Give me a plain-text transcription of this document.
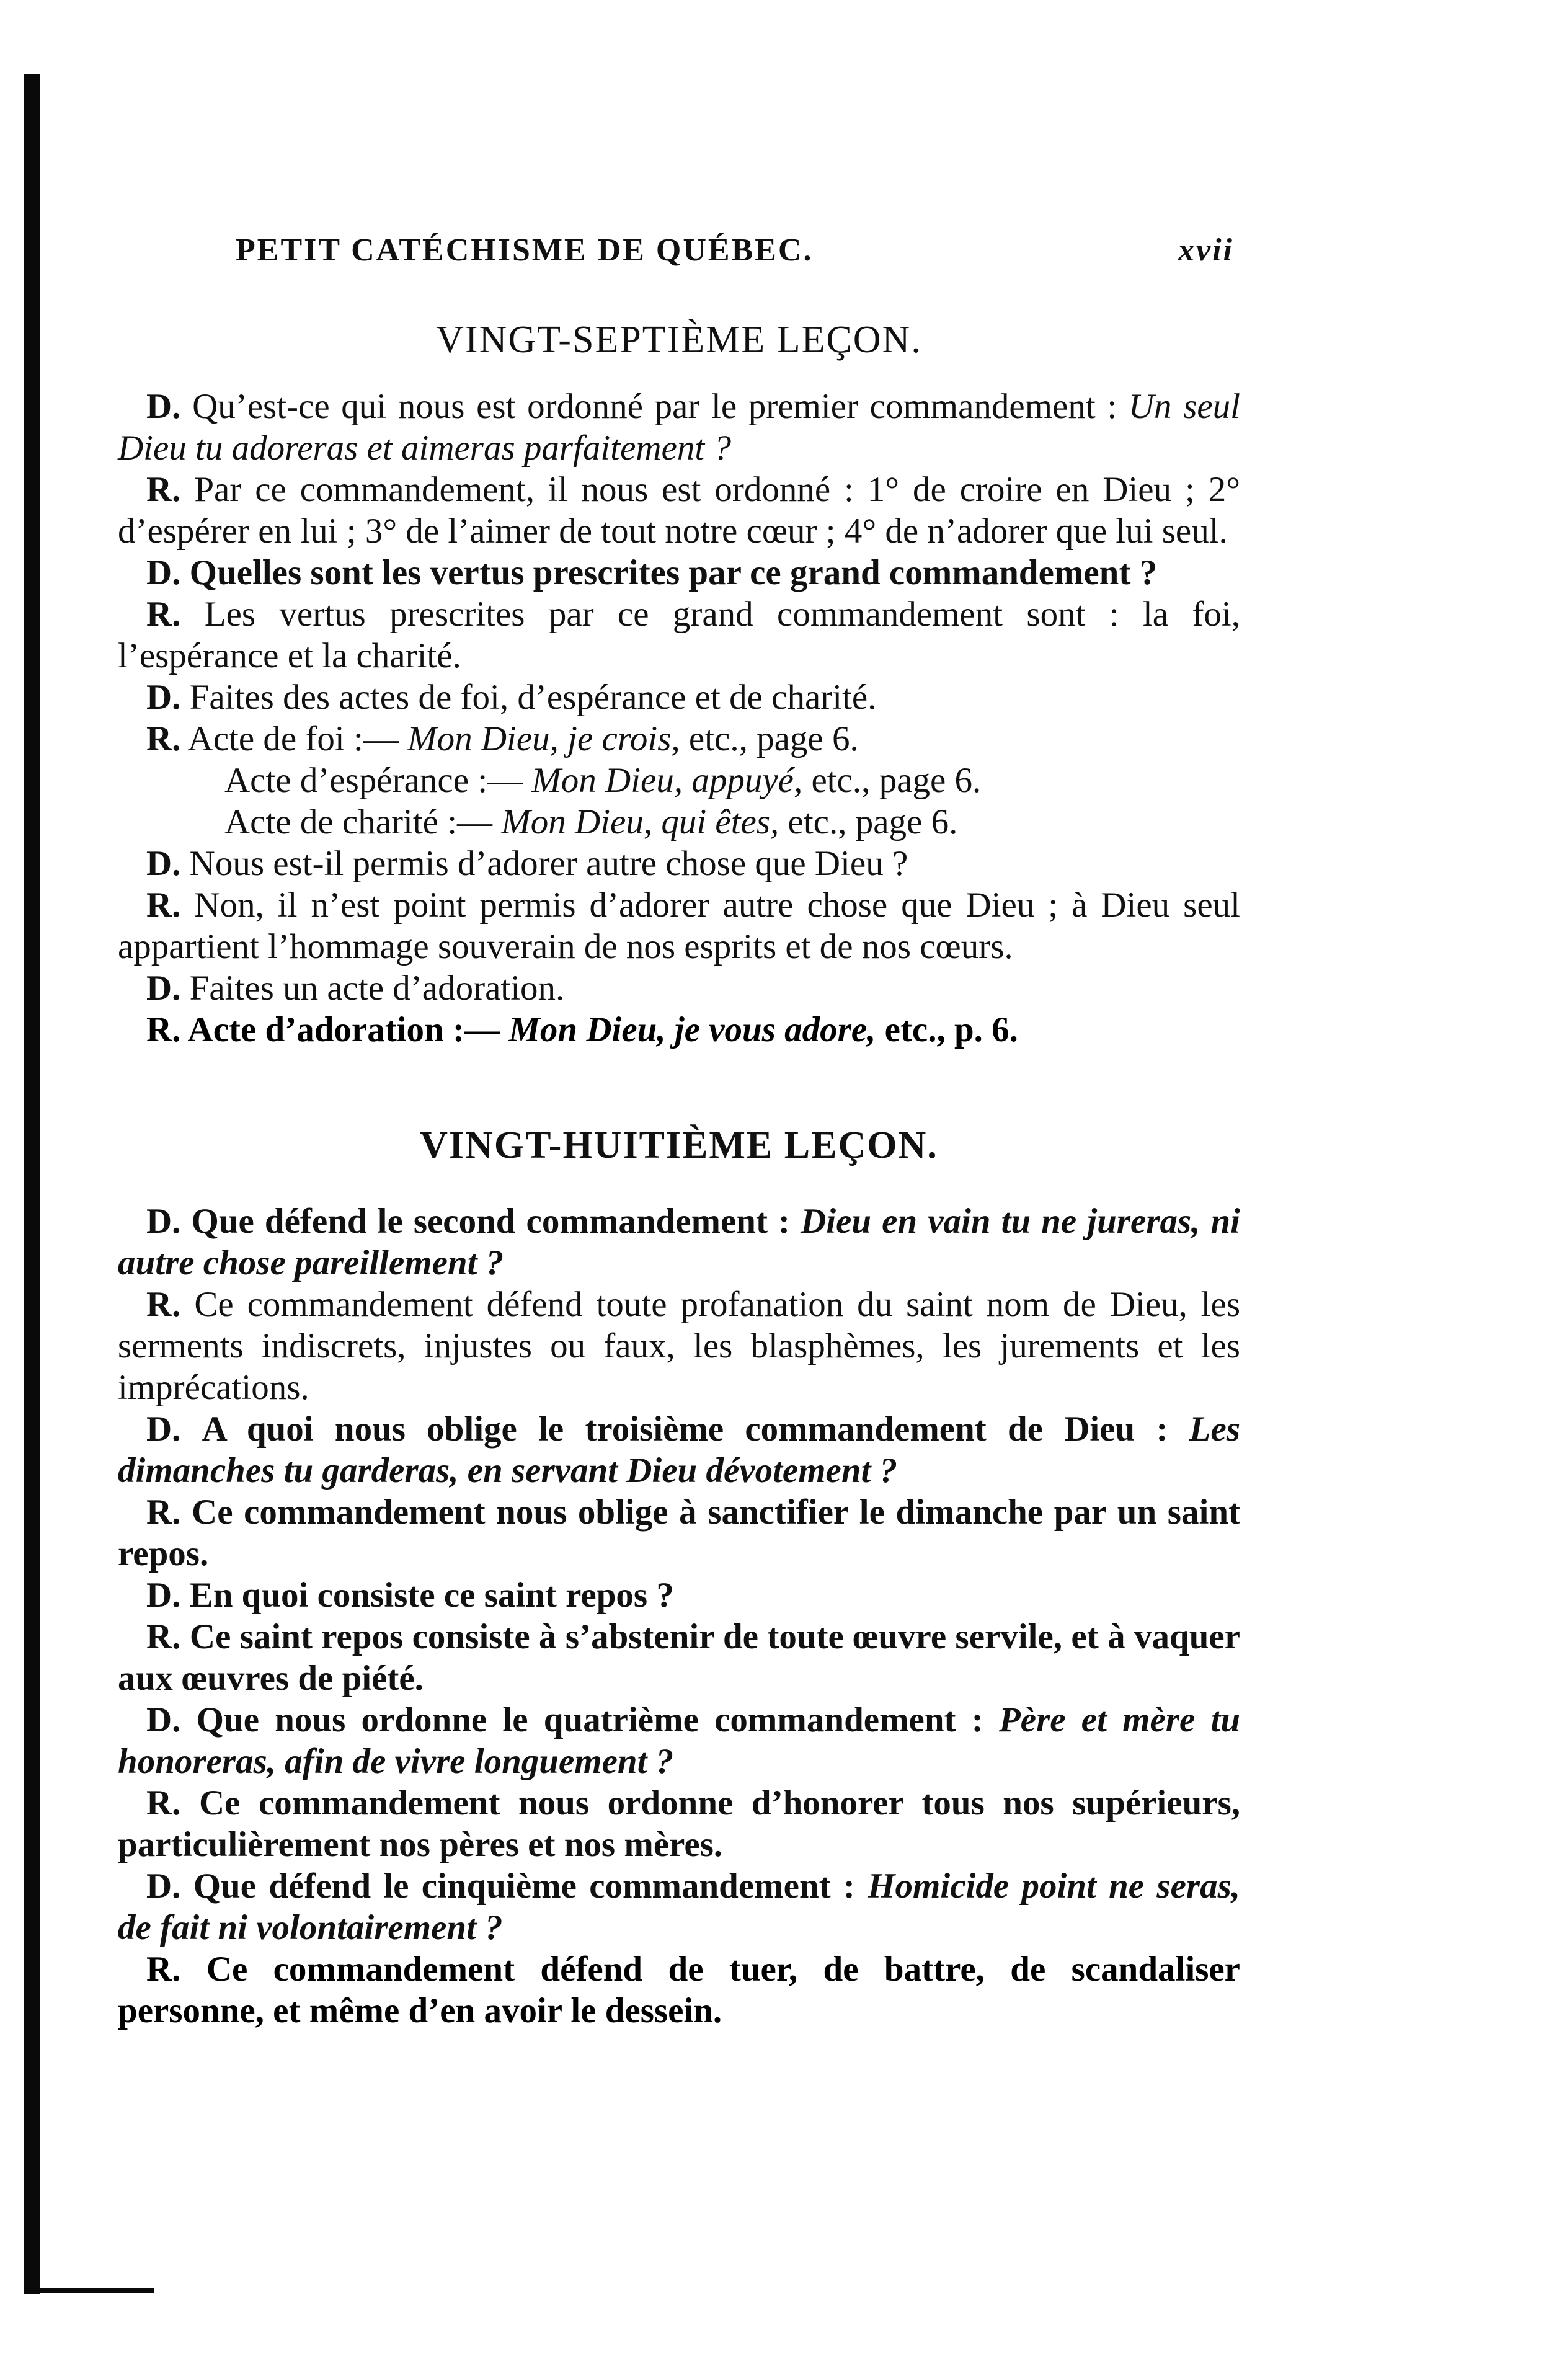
PETIT CATÉCHISME DE QUÉBEC.	xvii
VINGT-SEPTIÈME LEÇON.

D. Qu’est-ce qui nous est ordonné par le premier commandement : Un seul Dieu tu adoreras et aimeras parfaitement ?

R. Par ce commandement, il nous est ordonné : 1° de croire en Dieu ; 2° d’espérer en lui ; 3° de l’aimer de tout notre cœur ; 4° de n’adorer que lui seul.

D. Quelles sont les vertus prescrites par ce grand commandement ?

R. Les vertus prescrites par ce grand commandement sont : la foi, l’espérance et la charité.

D. Faites des actes de foi, d’espérance et de charité.

R. Acte de foi :— Mon Dieu, je crois, etc., page 6.
Acte d’espérance :— Mon Dieu, appuyé, etc., page 6.
Acte de charité :— Mon Dieu, qui êtes, etc., page 6.

D. Nous est-il permis d’adorer autre chose que Dieu ?

R. Non, il n’est point permis d’adorer autre chose que Dieu ; à Dieu seul appartient l’hommage souverain de nos esprits et de nos cœurs.

D. Faites un acte d’adoration.

R. Acte d’adoration :— Mon Dieu, je vous adore, etc., p. 6.

VINGT-HUITIÈME LEÇON.

D. Que défend le second commandement : Dieu en vain tu ne jureras, ni autre chose pareillement ?

R. Ce commandement défend toute profanation du saint nom de Dieu, les serments indiscrets, injustes ou faux, les blasphèmes, les jurements et les imprécations.

D. A quoi nous oblige le troisième commandement de Dieu : Les dimanches tu garderas, en servant Dieu dévotement ?

R. Ce commandement nous oblige à sanctifier le dimanche par un saint repos.

D. En quoi consiste ce saint repos ?

R. Ce saint repos consiste à s’abstenir de toute œuvre servile, et à vaquer aux œuvres de piété.

D. Que nous ordonne le quatrième commandement : Père et mère tu honoreras, afin de vivre longuement ?

R. Ce commandement nous ordonne d’honorer tous nos supérieurs, particulièrement nos pères et nos mères.

D. Que défend le cinquième commandement : Homicide point ne seras, de fait ni volontairement ?

R. Ce commandement défend de tuer, de battre, de scandaliser personne, et même d’en avoir le dessein.
